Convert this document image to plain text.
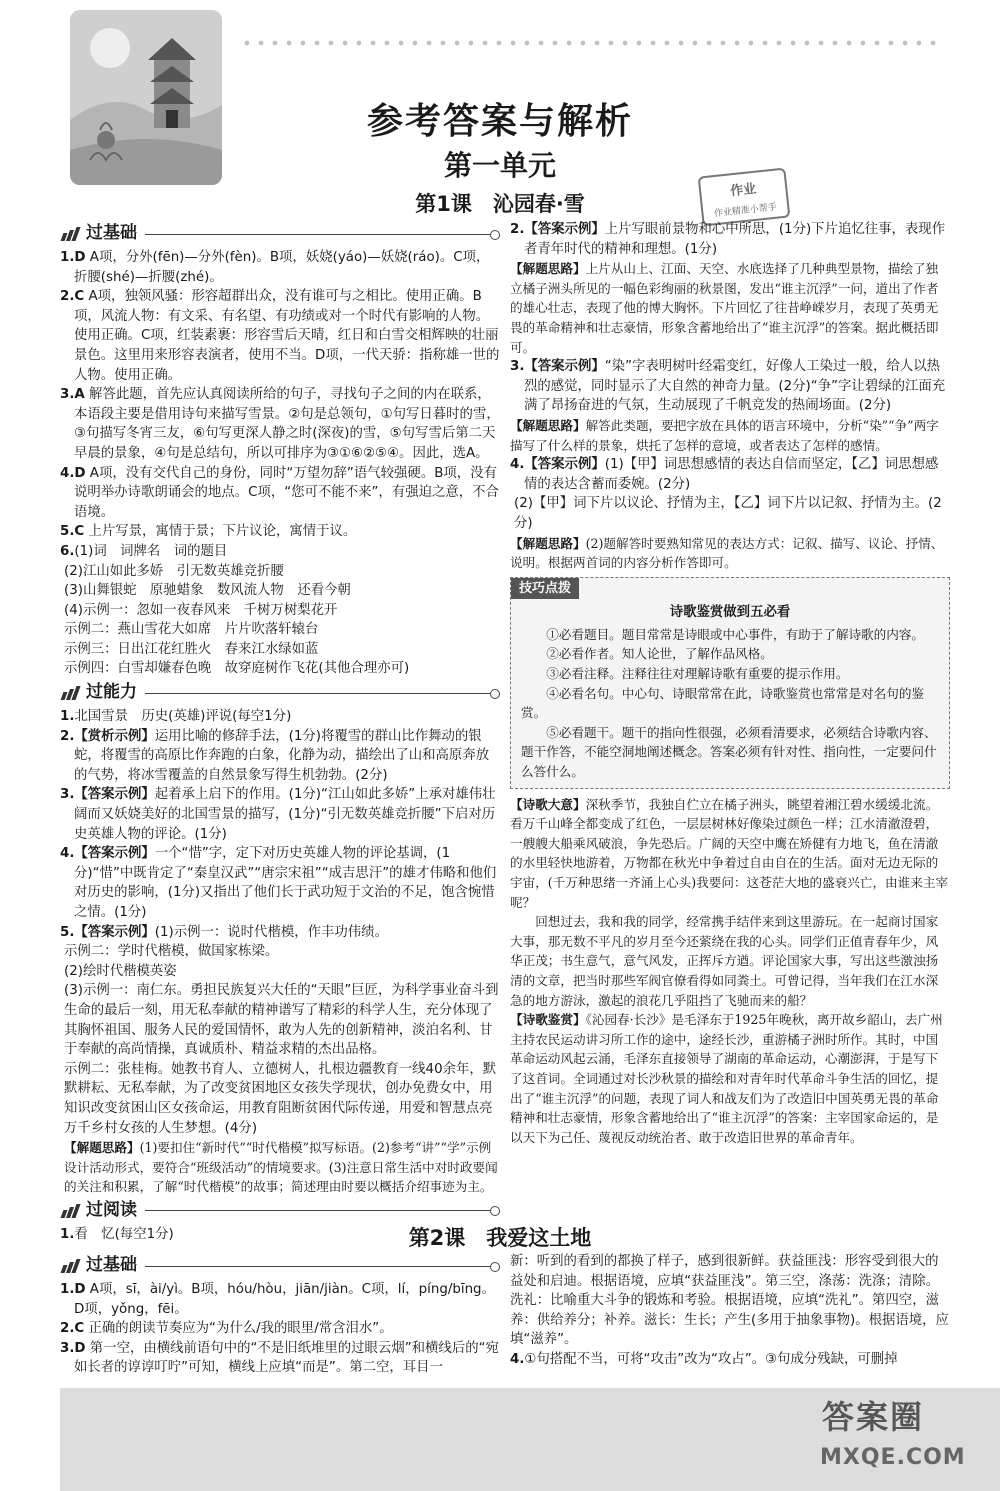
参考答案与解析
第一单元
第1课　沁园春·雪
作业
作业精准小帮手
过基础

1.D A项，分外(fēn)—分外(fèn)。B项，妖娆(yáo)—妖娆(ráo)。C项，折腰(shé)—折腰(zhé)。

2.C A项，独领风骚：形容超群出众，没有谁可与之相比。使用正确。B项，风流人物：有文采、有名望、有功绩或对一个时代有影响的人物。使用正确。C项，红装素裹：形容雪后天晴，红日和白雪交相辉映的壮丽景色。这里用来形容表演者，使用不当。D项，一代天骄：指称雄一世的人物。使用正确。

3.A 解答此题，首先应认真阅读所给的句子，寻找句子之间的内在联系，本语段主要是借用诗句来描写雪景。②句是总领句，①句写日暮时的雪，③句描写冬宵三友，⑥句写更深人静之时(深夜)的雪，⑤句写雪后第二天早晨的景象，④句是总结句，所以可排序为③①⑥②⑤④。因此，选A。

4.D A项，没有交代自己的身份，同时“万望勿辞”语气较强硬。B项，没有说明举办诗歌朗诵会的地点。C项，“您可不能不来”，有强迫之意，不合语境。

5.C 上片写景，寓情于景；下片议论，寓情于议。

6.(1)词　词牌名　词的题目

(2)江山如此多娇　引无数英雄竞折腰

(3)山舞银蛇　原驰蜡象　数风流人物　还看今朝

(4)示例一：忽如一夜春风来　千树万树梨花开

示例二：燕山雪花大如席　片片吹落轩辕台

示例三：日出江花红胜火　春来江水绿如蓝

示例四：白雪却嫌春色晚　故穿庭树作飞花(其他合理亦可)

过能力

1.北国雪景　历史(英雄)评说(每空1分)

2.【赏析示例】运用比喻的修辞手法，(1分)将覆雪的群山比作舞动的银蛇，将覆雪的高原比作奔跑的白象，化静为动，描绘出了山和高原奔放的气势，将冰雪覆盖的自然景象写得生机勃勃。(2分)

3.【答案示例】起着承上启下的作用。(1分)“江山如此多娇”上承对雄伟壮阔而又妖娆美好的北国雪景的描写，(1分)“引无数英雄竞折腰”下启对历史英雄人物的评论。(1分)

4.【答案示例】一个“惜”字，定下对历史英雄人物的评论基调，(1分)“惜”中既肯定了“秦皇汉武”“唐宗宋祖”“成吉思汗”的雄才伟略和他们对历史的影响，(1分)又指出了他们长于武功短于文治的不足，饱含惋惜之情。(1分)

5.【答案示例】(1)示例一：说时代楷模，作丰功伟绩。

示例二：学时代楷模，做国家栋梁。

(2)绘时代楷模英姿

(3)示例一：南仁东。勇担民族复兴大任的“天眼”巨匠，为科学事业奋斗到生命的最后一刻，用无私奉献的精神谱写了精彩的科学人生，充分体现了其胸怀祖国、服务人民的爱国情怀，敢为人先的创新精神，淡泊名利、甘于奉献的高尚情操，真诚质朴、精益求精的杰出品格。

示例二：张桂梅。她教书育人、立德树人，扎根边疆教育一线40余年，默默耕耘、无私奉献，为了改变贫困地区女孩失学现状，创办免费女中，用知识改变贫困山区女孩命运，用教育阻断贫困代际传递，用爱和智慧点亮万千乡村女孩的人生梦想。(4分)

【解题思路】(1)要扣住“新时代”“时代楷模”拟写标语。(2)参考“讲”“学”示例设计活动形式，要符合“班级活动”的情境要求。(3)注意日常生活中对时政要闻的关注和积累，了解“时代楷模”的故事；简述理由时要以概括介绍事迹为主。

过阅读

1.看　忆(每空1分)

2.【答案示例】上片写眼前景物和心中所思，(1分)下片追忆往事，表现作者青年时代的精神和理想。(1分)

【解题思路】上片从山上、江面、天空、水底选择了几种典型景物，描绘了独立橘子洲头所见的一幅色彩绚丽的秋景图，发出“谁主沉浮”一问，道出了作者的雄心壮志，表现了他的博大胸怀。下片回忆了往昔峥嵘岁月，表现了英勇无畏的革命精神和壮志豪情，形象含蓄地给出了“谁主沉浮”的答案。据此概括即可。

3.【答案示例】“染”字表明树叶经霜变红，好像人工染过一般，给人以热烈的感觉，同时显示了大自然的神奇力量。(2分)“争”字让碧绿的江面充满了昂扬奋进的气氛，生动展现了千帆竞发的热闹场面。(2分)

【解题思路】解答此类题，要把字放在具体的语言环境中，分析“染”“争”两字描写了什么样的景象，烘托了怎样的意境，或者表达了怎样的感情。

4.【答案示例】(1)【甲】词思想感情的表达自信而坚定，【乙】词思想感情的表达含蓄而委婉。(2分)

(2)【甲】词下片以议论、抒情为主，【乙】词下片以记叙、抒情为主。(2分)

【解题思路】(2)题解答时要熟知常见的表达方式：记叙、描写、议论、抒情、说明。根据两首词的内容分析作答即可。

技巧点拨
诗歌鉴赏做到五必看

①必看题目。题目常常是诗眼或中心事件，有助于了解诗歌的内容。

②必看作者。知人论世，了解作品风格。

③必看注释。注释往往对理解诗歌有重要的提示作用。

④必看名句。中心句、诗眼常常在此，诗歌鉴赏也常常是对名句的鉴赏。

⑤必看题干。题干的指向性很强，必须看清要求，必须结合诗歌内容、题干作答，不能空洞地阐述概念。答案必须有针对性、指向性，一定要问什么答什么。

【诗歌大意】深秋季节，我独自伫立在橘子洲头，眺望着湘江碧水缓缓北流。看万千山峰全都变成了红色，一层层树林好像染过颜色一样；江水清澈澄碧，一艘艘大船乘风破浪，争先恐后。广阔的天空中鹰在矫健有力地飞，鱼在清澈的水里轻快地游着，万物都在秋光中争着过自由自在的生活。面对无边无际的宇宙，(千万种思绪一齐涌上心头)我要问：这苍茫大地的盛衰兴亡，由谁来主宰呢？

回想过去，我和我的同学，经常携手结伴来到这里游玩。在一起商讨国家大事，那无数不平凡的岁月至今还萦绕在我的心头。同学们正值青春年少，风华正茂；书生意气，意气风发，正挥斥方遒。评论国家大事，写出这些激浊扬清的文章，把当时那些军阀官僚看得如同粪土。可曾记得，当年我们在江水深急的地方游泳，激起的浪花几乎阻挡了飞驰而来的船？

【诗歌鉴赏】《沁园春·长沙》是毛泽东于1925年晚秋，离开故乡韶山，去广州主持农民运动讲习所工作的途中，途经长沙，重游橘子洲时所作。其时，中国革命运动风起云涌，毛泽东直接领导了湖南的革命运动，心潮澎湃，于是写下了这首词。全词通过对长沙秋景的描绘和对青年时代革命斗争生活的回忆，提出了“谁主沉浮”的问题，表现了词人和战友们为了改造旧中国英勇无畏的革命精神和壮志豪情，形象含蓄地给出了“谁主沉浮”的答案：主宰国家命运的，是以天下为己任、蔑视反动统治者、敢于改造旧世界的革命青年。

第2课　我爱这土地
过基础

1.D A项，sī，ài/yì。B项，hóu/hòu，jiān/jiàn。C项，lí，píng/bīng。D项，yǒng，fēi。

2.C 正确的朗读节奏应为“为什么/我的眼里/常含泪水”。

3.D 第一空，由横线前语句中的“不是旧纸堆里的过眼云烟”和横线后的“宛如长者的谆谆叮咛”可知，横线上应填“而是”。第二空，耳目一

新：听到的看到的都换了样子，感到很新鲜。获益匪浅：形容受到很大的益处和启迪。根据语境，应填“获益匪浅”。第三空，涤荡：洗涤；清除。洗礼：比喻重大斗争的锻炼和考验。根据语境，应填“洗礼”。第四空，滋养：供给养分；补养。滋长：生长；产生(多用于抽象事物)。根据语境，应填“滋养”。

4.①句搭配不当，可将“攻击”改为“攻占”。③句成分残缺，可删掉

答案圈
MXQE.COM
